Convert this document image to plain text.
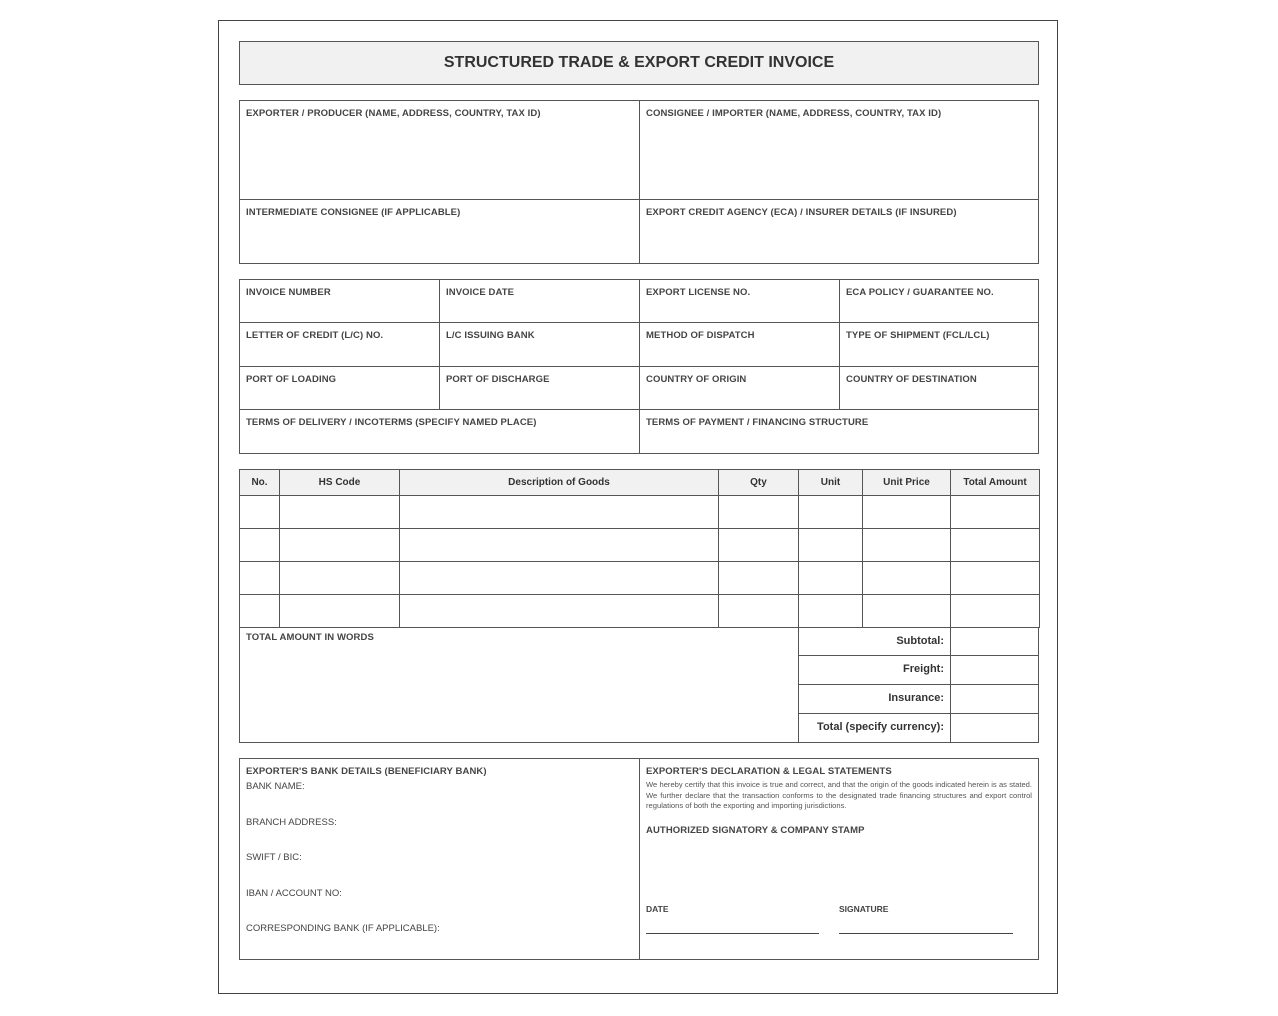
STRUCTURED TRADE & EXPORT CREDIT INVOICE
EXPORTER / PRODUCER (NAME, ADDRESS, COUNTRY, TAX ID)	CONSIGNEE / IMPORTER (NAME, ADDRESS, COUNTRY, TAX ID)
INTERMEDIATE CONSIGNEE (IF APPLICABLE)	EXPORT CREDIT AGENCY (ECA) / INSURER DETAILS (IF INSURED)
INVOICE NUMBER	INVOICE DATE	EXPORT LICENSE NO.	ECA POLICY / GUARANTEE NO.
LETTER OF CREDIT (L/C) NO.	L/C ISSUING BANK	METHOD OF DISPATCH	TYPE OF SHIPMENT (FCL/LCL)
PORT OF LOADING	PORT OF DISCHARGE	COUNTRY OF ORIGIN	COUNTRY OF DESTINATION
TERMS OF DELIVERY / INCOTERMS (SPECIFY NAMED PLACE)	TERMS OF PAYMENT / FINANCING STRUCTURE
No.	HS Code	Description of Goods	Qty	Unit	Unit Price	Total Amount

TOTAL AMOUNT IN WORDS	Subtotal:
Freight:
Insurance:
Total (specify currency):
EXPORTER'S BANK DETAILS (BENEFICIARY BANK)
BANK NAME:
BRANCH ADDRESS:
SWIFT / BIC:
IBAN / ACCOUNT NO:
CORRESPONDING BANK (IF APPLICABLE):
EXPORTER'S DECLARATION & LEGAL STATEMENTS
We hereby certify that this invoice is true and correct, and that the origin of the goods indicated herein is as stated. We further declare that the transaction conforms to the designated trade financing structures and export control regulations of both the exporting and importing jurisdictions.
AUTHORIZED SIGNATORY & COMPANY STAMP
DATE	SIGNATURE
